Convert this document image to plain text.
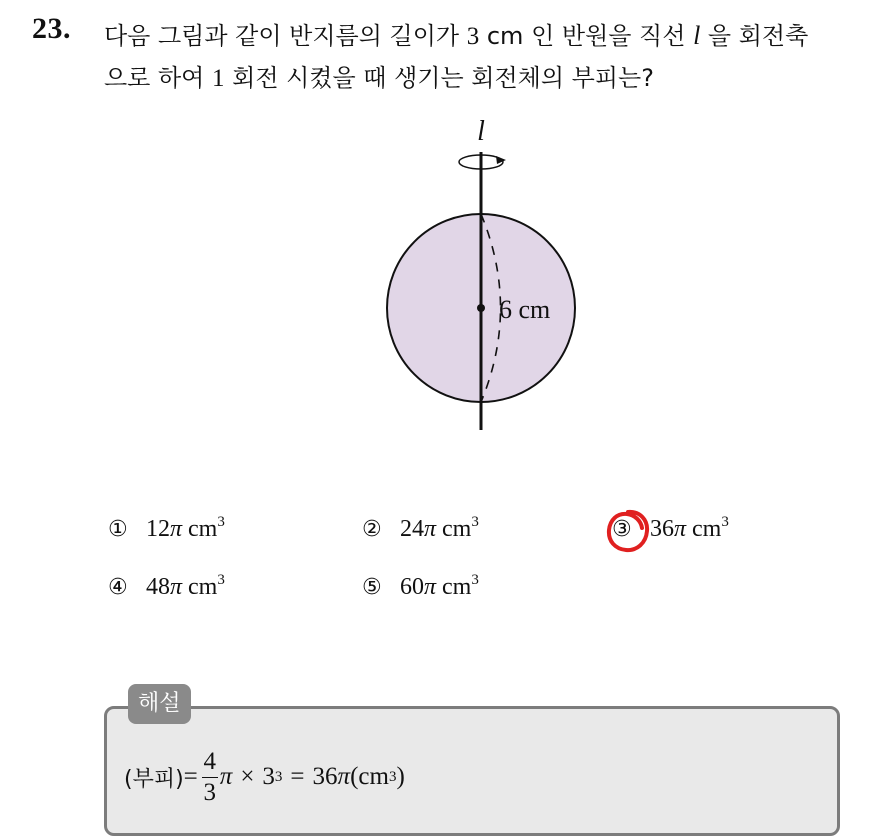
23. 다음 그림과 같이 반지름의 길이가 3 cm 인 반원을 직선 l 을 회전축
으로 하여 1 회전 시켰을 때 생기는 회전체의 부피는?
l
6 cm
① 12π $cm^3$	② 24π $cm^3$	③ 36π $cm^3$
④ 48π $cm^3$	⑤ 60π $cm^3$
해설
(부피) = $\frac{4}{3}$ π × 3 3 = 36 π ( cm 3 )
